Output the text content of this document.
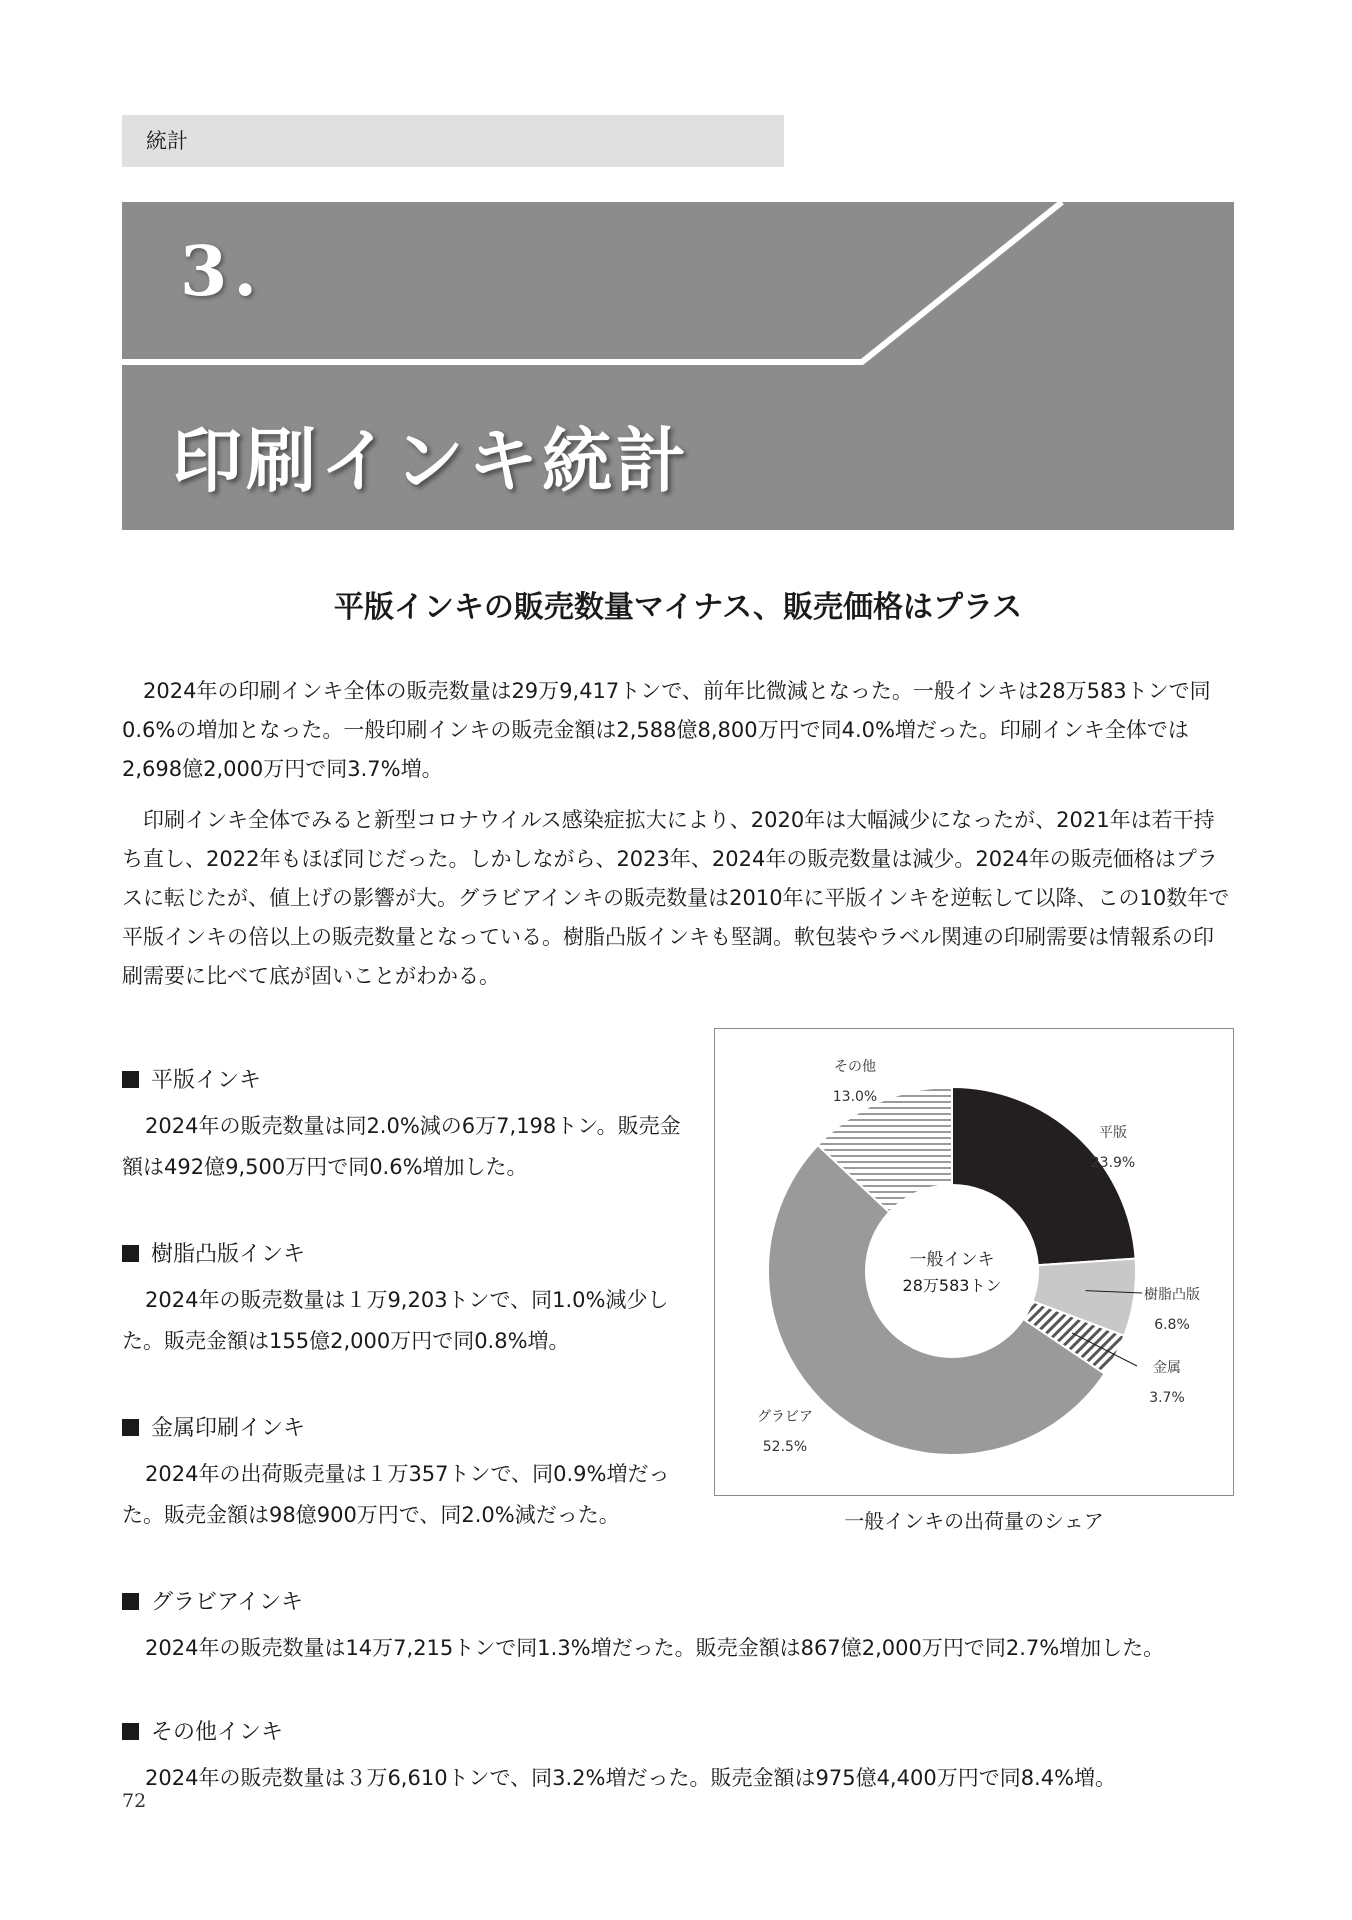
統計
3.
印刷インキ統計
平版インキの販売数量マイナス、販売価格はプラス

2024年の印刷インキ全体の販売数量は29万9,417トンで、前年比微減となった。一般インキは28万583トンで同0.6%の増加となった。一般印刷インキの販売金額は2,588億8,800万円で同4.0%増だった。印刷インキ全体では2,698億2,000万円で同3.7%増。

印刷インキ全体でみると新型コロナウイルス感染症拡大により、2020年は大幅減少になったが、2021年は若干持ち直し、2022年もほぼ同じだった。しかしながら、2023年、2024年の販売数量は減少。2024年の販売価格はプラスに転じたが、値上げの影響が大。グラビアインキの販売数量は2010年に平版インキを逆転して以降、この10数年で平版インキの倍以上の販売数量となっている。樹脂凸版インキも堅調。軟包装やラベル関連の印刷需要は情報系の印刷需要に比べて底が固いことがわかる。

平版インキ

2024年の販売数量は同2.0%減の6万7,198トン。販売金額は492億9,500万円で同0.6%増加した。

樹脂凸版インキ

2024年の販売数量は１万9,203トンで、同1.0%減少した。販売金額は155億2,000万円で同0.8%増。

金属印刷インキ

2024年の出荷販売量は１万357トンで、同0.9%増だった。販売金額は98億900万円で、同2.0%減だった。

グラビアインキ

2024年の販売数量は14万7,215トンで同1.3%増だった。販売金額は867億2,000万円で同2.7%増加した。

その他インキ

2024年の販売数量は３万6,610トンで、同3.2%増だった。販売金額は975億4,400万円で同8.4%増。

平版
23.9%
樹脂凸版
6.8%
金属
3.7%
グラビア
52.5%
その他
13.0%
一般インキ
28万583トン
一般インキの出荷量のシェア
72
